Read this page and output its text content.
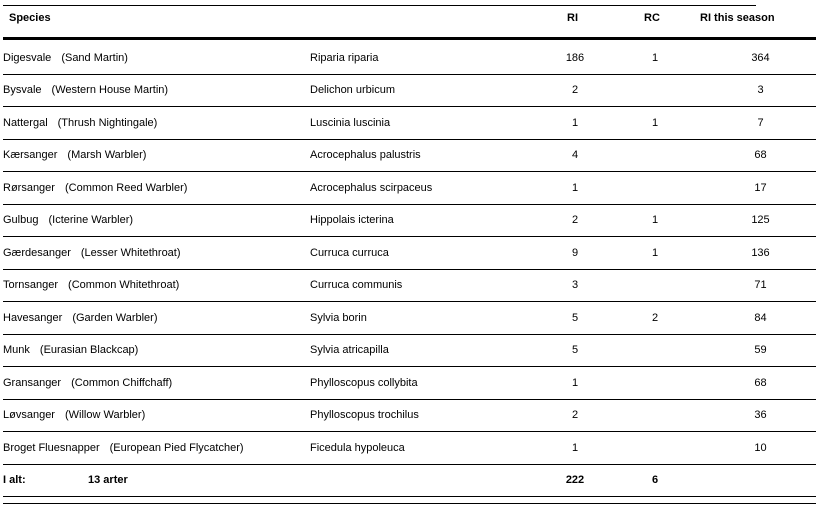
Species	RI	RC	RI this season
Digesvale (Sand Martin)	Riparia riparia	186	1	364
Bysvale (Western House Martin)	Delichon urbicum	2		3
Nattergal (Thrush Nightingale)	Luscinia luscinia	1	1	7
Kærsanger (Marsh Warbler)	Acrocephalus palustris	4		68
Rørsanger (Common Reed Warbler)	Acrocephalus scirpaceus	1		17
Gulbug (Icterine Warbler)	Hippolais icterina	2	1	125
Gærdesanger (Lesser Whitethroat)	Curruca curruca	9	1	136
Tornsanger (Common Whitethroat)	Curruca communis	3		71
Havesanger (Garden Warbler)	Sylvia borin	5	2	84
Munk (Eurasian Blackcap)	Sylvia atricapilla	5		59
Gransanger (Common Chiffchaff)	Phylloscopus collybita	1		68
Løvsanger (Willow Warbler)	Phylloscopus trochilus	2		36
Broget Fluesnapper (European Pied Flycatcher)	Ficedula hypoleuca	1		10
I alt: 13 arter		222	6	
